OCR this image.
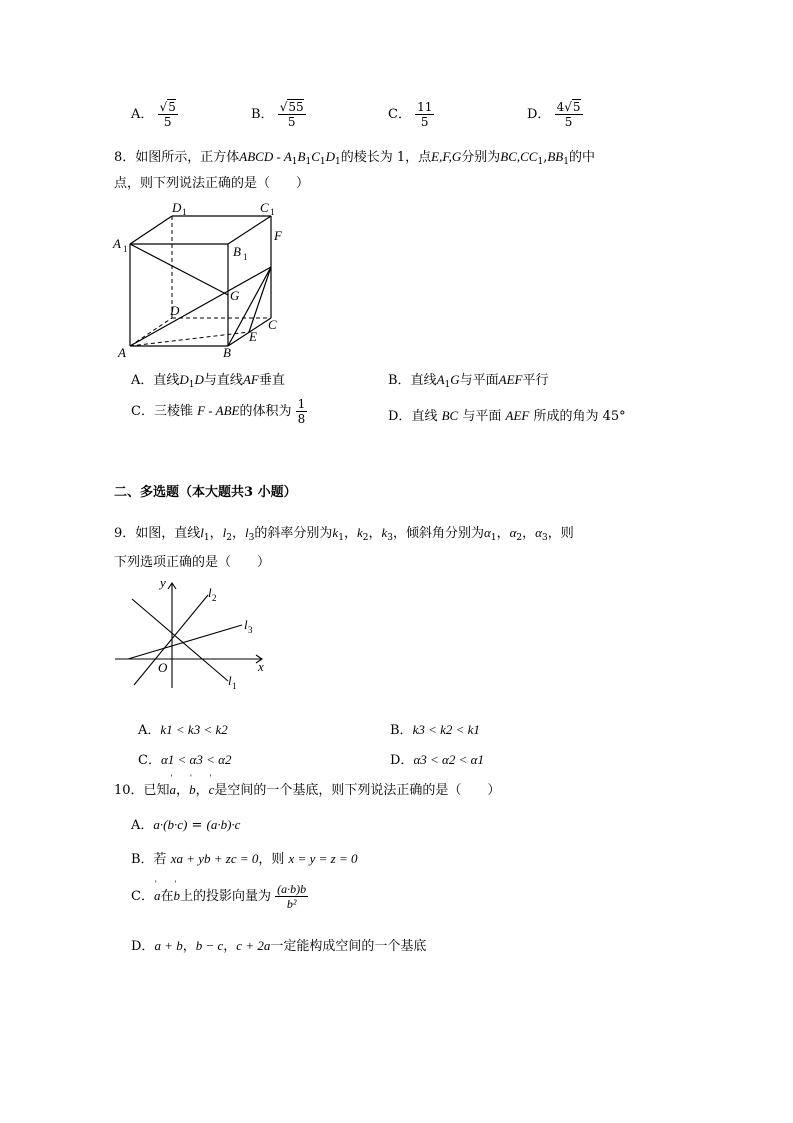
A． $\frac{√5}{5}$	B． $\frac{√55}{5}$	C． $\frac{11}{5}$	D． $\frac{4√5}{5}$
8．如图所示，正方体ABCD - $A_1B_1C_1D_1$的棱长为 1，点E,F,G分别为$BC,CC_1,BB_1$的中
点，则下列说法正确的是（　　）
A	B
C
D
A 1	B 1
C 1
D 1
E
F
G
A．直线$D_1D$与直线AF垂直	B．直线$A_1G$与平面AEF平行
C．三棱锥 F - ABE的体积为 $\frac{1}{8}$	D．直线 BC 与平面 AEF 所成的角为 45°
二、多选题（本大题共3 小题）
9．如图，直线$l_1$，$l_2$，$l_3$的斜率分别为$k_1$，$k_2$，$k_3$，倾斜角分别为$\alpha_1$，$\alpha_2$，$\alpha_3$，则
下列选项正确的是（　　）
y
x
O
l 2
l 3
l 1
A．k1 < k3 < k2	B．k3 < k2 < k1
C．α1 < α3 < α2	D．α3 < α2 < α1
10．已知' a，' b，' c是空间的一个基底，则下列说法正确的是（　　）
A．a·(b·c) = (a·b)·c
B．若 xa + yb + zc = 0，则 x = y = z = 0
C．' a在' b上的投影向量为 $\frac{(a\cdot b)b}{\text{b²}}$
D．a + b，b − c，c + 2a一定能构成空间的一个基底
